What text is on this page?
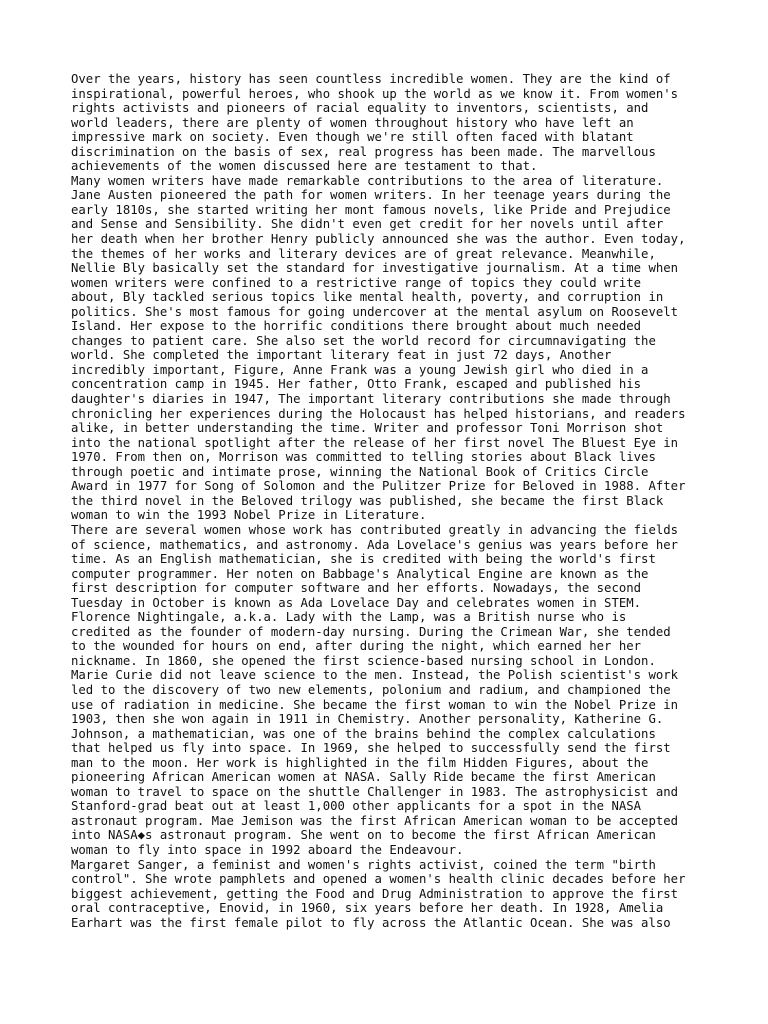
Over the years, history has seen countless incredible women. They are the kind of

inspirational, powerful heroes, who shook up the world as we know it. From women's

rights activists and pioneers of racial equality to inventors, scientists, and

world leaders, there are plenty of women throughout history who have left an

impressive mark on society. Even though we're still often faced with blatant

discrimination on the basis of sex, real progress has been made. The marvellous

achievements of the women discussed here are testament to that.

Many women writers have made remarkable contributions to the area of literature.

Jane Austen pioneered the path for women writers. In her teenage years during the

early 1810s, she started writing her mont famous novels, like Pride and Prejudice

and Sense and Sensibility. She didn't even get credit for her novels until after

her death when her brother Henry publicly announced she was the author. Even today,

the themes of her works and literary devices are of great relevance. Meanwhile,

Nellie Bly basically set the standard for investigative journalism. At a time when

women writers were confined to a restrictive range of topics they could write

about, Bly tackled serious topics like mental health, poverty, and corruption in

politics. She's most famous for going undercover at the mental asylum on Roosevelt

Island. Her expose to the horrific conditions there brought about much needed

changes to patient care. She also set the world record for circumnavigating the

world. She completed the important literary feat in just 72 days, Another

incredibly important, Figure, Anne Frank was a young Jewish girl who died in a

concentration camp in 1945. Her father, Otto Frank, escaped and published his

daughter's diaries in 1947, The important literary contributions she made through

chronicling her experiences during the Holocaust has helped historians, and readers

alike, in better understanding the time. Writer and professor Toni Morrison shot

into the national spotlight after the release of her first novel The Bluest Eye in

1970. From then on, Morrison was committed to telling stories about Black lives

through poetic and intimate prose, winning the National Book of Critics Circle

Award in 1977 for Song of Solomon and the Pulitzer Prize for Beloved in 1988. After

the third novel in the Beloved trilogy was published, she became the first Black

woman to win the 1993 Nobel Prize in Literature.

There are several women whose work has contributed greatly in advancing the fields

of science, mathematics, and astronomy. Ada Lovelace's genius was years before her

time. As an English mathematician, she is credited with being the world's first

computer programmer. Her noten on Babbage's Analytical Engine are known as the

first description for computer software and her efforts. Nowadays, the second

Tuesday in October is known as Ada Lovelace Day and celebrates women in STEM.

Florence Nightingale, a.k.a. Lady with the Lamp, was a British nurse who is

credited as the founder of modern-day nursing. During the Crimean War, she tended

to the wounded for hours on end, after during the night, which earned her her

nickname. In 1860, she opened the first science-based nursing school in London.

Marie Curie did not leave science to the men. Instead, the Polish scientist's work

led to the discovery of two new elements, polonium and radium, and championed the

use of radiation in medicine. She became the first woman to win the Nobel Prize in

1903, then she won again in 1911 in Chemistry. Another personality, Katherine G.

Johnson, a mathematician, was one of the brains behind the complex calculations

that helped us fly into space. In 1969, she helped to successfully send the first

man to the moon. Her work is highlighted in the film Hidden Figures, about the

pioneering African American women at NASA. Sally Ride became the first American

woman to travel to space on the shuttle Challenger in 1983. The astrophysicist and

Stanford-grad beat out at least 1,000 other applicants for a spot in the NASA

astronaut program. Mae Jemison was the first African American woman to be accepted

into NASA◆s astronaut program. She went on to become the first African American

woman to fly into space in 1992 aboard the Endeavour.

Margaret Sanger, a feminist and women's rights activist, coined the term "birth

control". She wrote pamphlets and opened a women's health clinic decades before her

biggest achievement, getting the Food and Drug Administration to approve the first

oral contraceptive, Enovid, in 1960, six years before her death. In 1928, Amelia

Earhart was the first female pilot to fly across the Atlantic Ocean. She was also
